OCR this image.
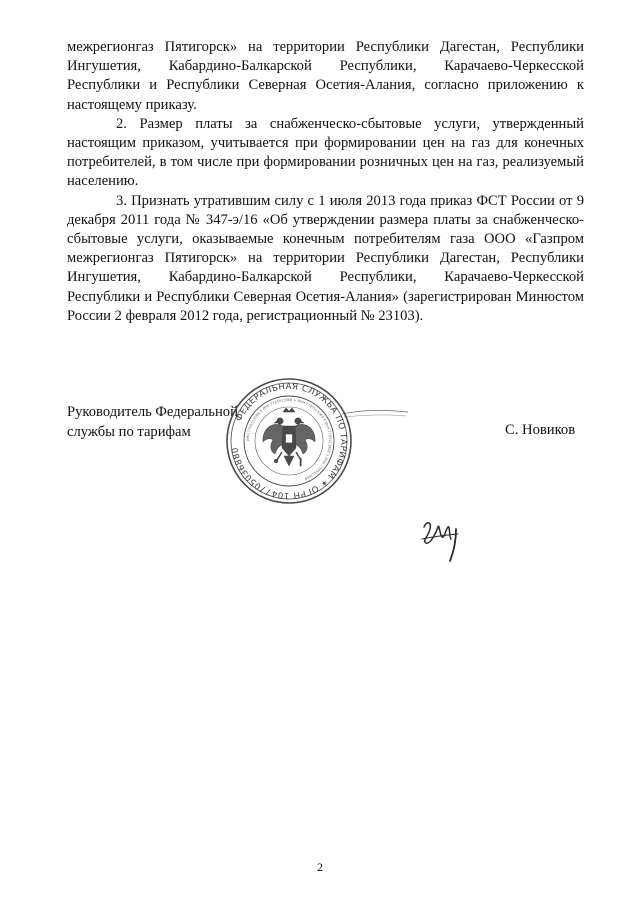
межрегионгаз Пятигорск» на территории Республики Дагестан, Республики Ингушетия, Кабардино-Балкарской Республики, Карачаево-Черкесской Республики и Республики Северная Осетия-Алания, согласно приложению к настоящему приказу.

2. Размер платы за снабженческо-сбытовые услуги, утвержденный настоящим приказом, учитывается при формировании цен на газ для конечных потребителей, в том числе при формировании розничных цен на газ, реализуемый населению.

3. Признать утратившим силу с 1 июля 2013 года приказ ФСТ России от 9 декабря 2011 года № 347-э/16 «Об утверждении размера платы за снабженческо-сбытовые услуги, оказываемые конечным потребителям газа ООО «Газпром межрегионгаз Пятигорск» на территории Республики Дагестан, Республики Ингушетия, Кабардино-Балкарской Республики, Карачаево-Черкесской Республики и Республики Северная Осетия-Алания» (зарегистрирован Минюстом России 2 февраля 2012 года, регистрационный № 23103).

Руководитель Федеральной
службы по тарифам
ФЕДЕРАЛЬНАЯ СЛУЖБА ПО ТАРИФАМ ✶ ОГРН 1047705036880
ИНН 7705513068 ✶ ИНН 7705513068 ✶ ИНН 7705513068 ✶ ИНН 7705513068 ✶ ИНН 7705513068
С. Новиков
2
